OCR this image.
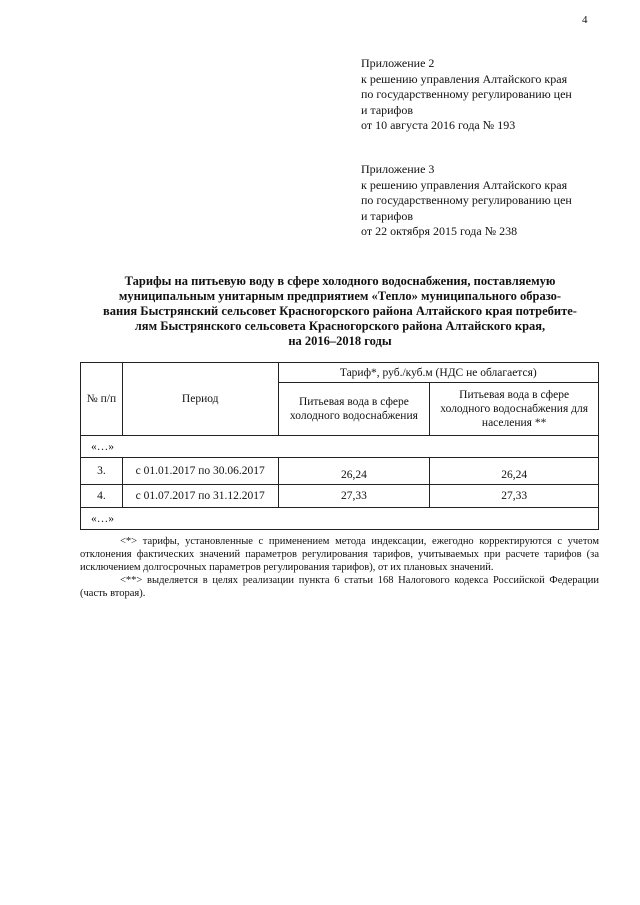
4
Приложение 2
к решению управления Алтайского края
по государственному регулированию цен
и тарифов
от 10 августа 2016 года № 193
Приложение 3
к решению управления Алтайского края
по государственному регулированию цен
и тарифов
от 22 октября 2015 года № 238
Тарифы на питьевую воду в сфере холодного водоснабжения, поставляемую
муниципальным унитарным предприятием «Тепло» муниципального образо-
вания Быстрянский сельсовет Красногорского района Алтайского края потребите-
лям Быстрянского сельсовета Красногорского района Алтайского края,
на 2016–2018 годы
№ п/п	Период	Тариф*, руб./куб.м (НДС не облагается)	
		Питьевая вода в сфере холодного водоснабжения	Питьевая вода в сфере холодного водоснабжения для населения **
«…»			
3.	с 01.01.2017 по 30.06.2017	26,24	26,24
4.	с 01.07.2017 по 31.12.2017	27,33	27,33
«…»			

<*> тарифы, установленные с применением метода индексации, ежегодно корректируются с учетом отклонения фактических значений параметров регулирования тарифов, учитываемых при расчете тарифов (за исключением долгосрочных параметров регулирования тарифов), от их плановых значений.

<**> выделяется в целях реализации пункта 6 статьи 168 Налогового кодекса Российской Федерации (часть вторая).
